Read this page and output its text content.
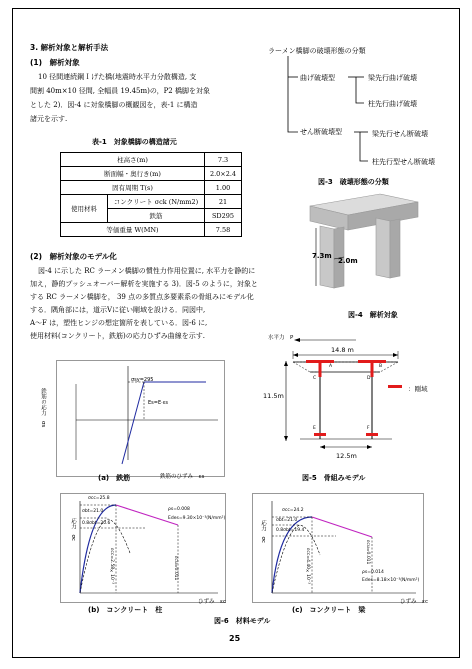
3. 解析対象と解析手法
(1)　解析対象
10 径間連続鋼Ｉげた橋(地震時水平力分散構造, 支
間割 40m×10 径間, 全幅員 19.45m)の，P2 橋脚を対象
とした 2)．図-4 に対象橋脚の概観図を，表-1 に構造
諸元を示す.
表-1　対象橋脚の構造諸元
柱高さ(m)		7.3
断面幅・奥行き(m)		2.0×2.4
固有周期 T(s)		1.00
使用材料	コンクリート σck (N/mm2)	21
	鉄筋	SD295
等価重量 W(MN)		7.58
(2)　解析対象のモデル化
図-4 に示した RC ラーメン橋脚の慣性力作用位置に, 水平力を静的に
加え，静的プッシュオーバー解析を実施する 3)．図-5 のように，対象と
する RC ラーメン橋脚を， 39 点の多質点多要素系の骨組みにモデル化
する．隅角部には，道示Ⅴに従い剛域を設ける．同図中,
A～F は，塑性ヒンジの想定箇所を表している．図-6 に,
使用材料(コンクリート，鉄筋)の応力ひずみ曲線を示す.
ラーメン橋脚の破壊形態の分類
曲げ破壊型	梁先行曲げ破壊
柱先行曲げ破壊
せん断破壊型	梁先行せん断破壊
柱先行型せん断破壊
図-3　破壊形態の分類
7.3m
2.0m
図-4　解析対象
水平力　P
14.8 m
11.5m
12.5m
：剛域
A	B
C	D
E	F
図-5　骨組みモデル
鉄筋の応力　σs
σsy=295
Es=E·εs
鉄筋のひずみ　εs
(a)　鉄筋
応力　σc
σcc=25.8
σbt=21.0
0.8σbt=20.6
ρs=0.008
Edes=9.30×10⁻³(N/mm²)
εcc=2.58×10⁻³	εcu=0.011
ひずみ　εc
(b)　コンクリート　柱
応力　σc
σcc=24.2
σbt=21.0
0.8σbt=19.4
ρs=0.014
Edes=8.18×10⁻³(N/mm²)
εcc=4.40×10⁻³	εcu=0.011
ひずみ　εc
(c)　コンクリート　梁
図-6　材料モデル
25
